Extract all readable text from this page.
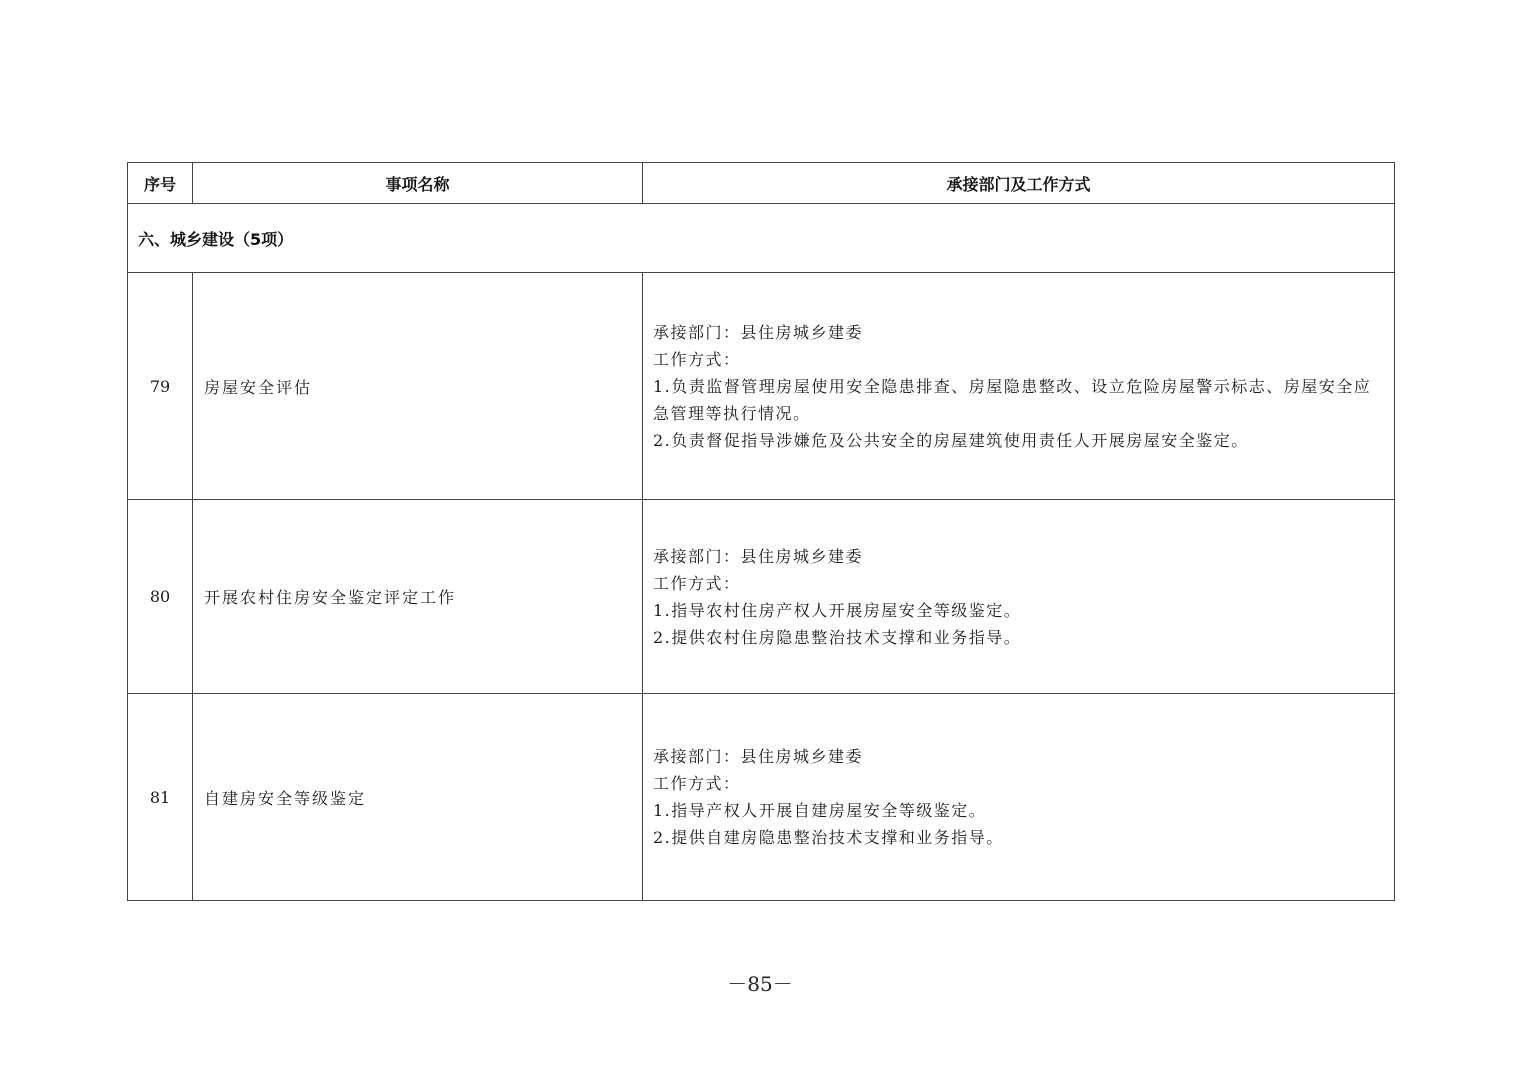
序号	事项名称	承接部门及工作方式
六、城乡建设（5项）		
79	房屋安全评估	承接部门：县住房城乡建委
工作方式：
1.负责监督管理房屋使用安全隐患排查、房屋隐患整改、设立危险房屋警示标志、房屋安全应急管理等执行情况。
2.负责督促指导涉嫌危及公共安全的房屋建筑使用责任人开展房屋安全鉴定。

80	开展农村住房安全鉴定评定工作	承接部门：县住房城乡建委
工作方式：
1.指导农村住房产权人开展房屋安全等级鉴定。
2.提供农村住房隐患整治技术支撑和业务指导。

81	自建房安全等级鉴定	承接部门：县住房城乡建委
工作方式：
1.指导产权人开展自建房屋安全等级鉴定。
2.提供自建房隐患整治技术支撑和业务指导。
－85－
